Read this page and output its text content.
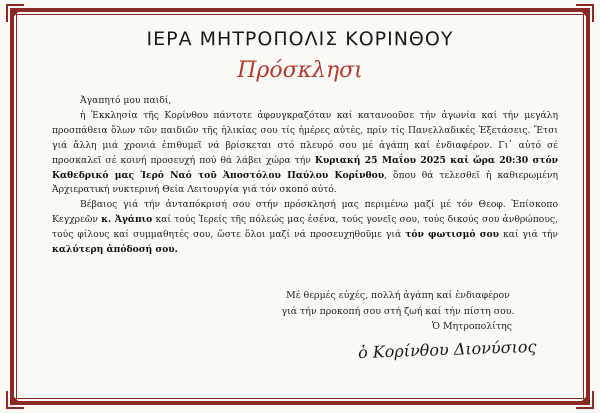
ΙΕΡΑ ΜΗΤΡΟΠΟΛΙΣ ΚΟΡΙΝΘΟΥ
Πρόσκλησι

Ἀγαπητό μου παιδί,

ἡ Ἐκκλησία τῆς Κορίνθου πάντοτε ἀφουγκραζόταν καί κατανοοῦσε τήν ἀγωνία καί τήν μεγάλη προσπάθεια ὅλων τῶν παιδιῶν τῆς ἡλικίας σου τίς ἡμέρες αὐτές, πρίν τίς Πανελλαδικές Ἐξετάσεις. Ἔτσι γιά ἄλλη μιά χρονιά ἐπιθυμεῖ νά βρίσκεται στό πλευρό σου μέ ἀγάπη καί ἐνδιαφέρον. Γι᾽ αὐτό σέ προσκαλεῖ σέ κοινή προσευχή πού θά λάβει χώρα τήν Κυριακή 25 Μαΐου 2025 καί ὥρα 20:30 στόν Καθεδρικό μας Ἱερό Ναό τοῦ Ἀποστόλου Παύλου Κορίνθου, ὅπου θά τελεσθεῖ ἡ καθιερωμένη Ἀρχιερατική νυκτερινή Θεία Λειτουργία γιά τόν σκοπό αὐτό.

Βέβαιος γιά τήν ἀνταπόκρισή σου στήν πρόσκλησή μας περιμένω μαζί μέ τόν Θεοφ. Ἐπίσκοπο Κεγχρεῶν κ. Ἀγάπιο καί τούς Ἱερείς τῆς πόλεώς μας ἐσένα, τούς γονεῖς σου, τούς δικούς σου ἀνθρώπους, τούς φίλους καί συμμαθητές σου, ὥστε ὅλοι μαζί νά προσευχηθοῦμε γιά τόν φωτισμό σου καί γιά τήν καλύτερη ἀπόδοσή σου.

Μέ θερμές εὐχές, πολλή ἀγάπη καί ἐνδιαφέρον
γιά τήν προκοπή σου στή ζωή καί τήν πίστη σου.
Ὁ Μητροπολίτης
ὁ Κορίνθου Διονύσιος
